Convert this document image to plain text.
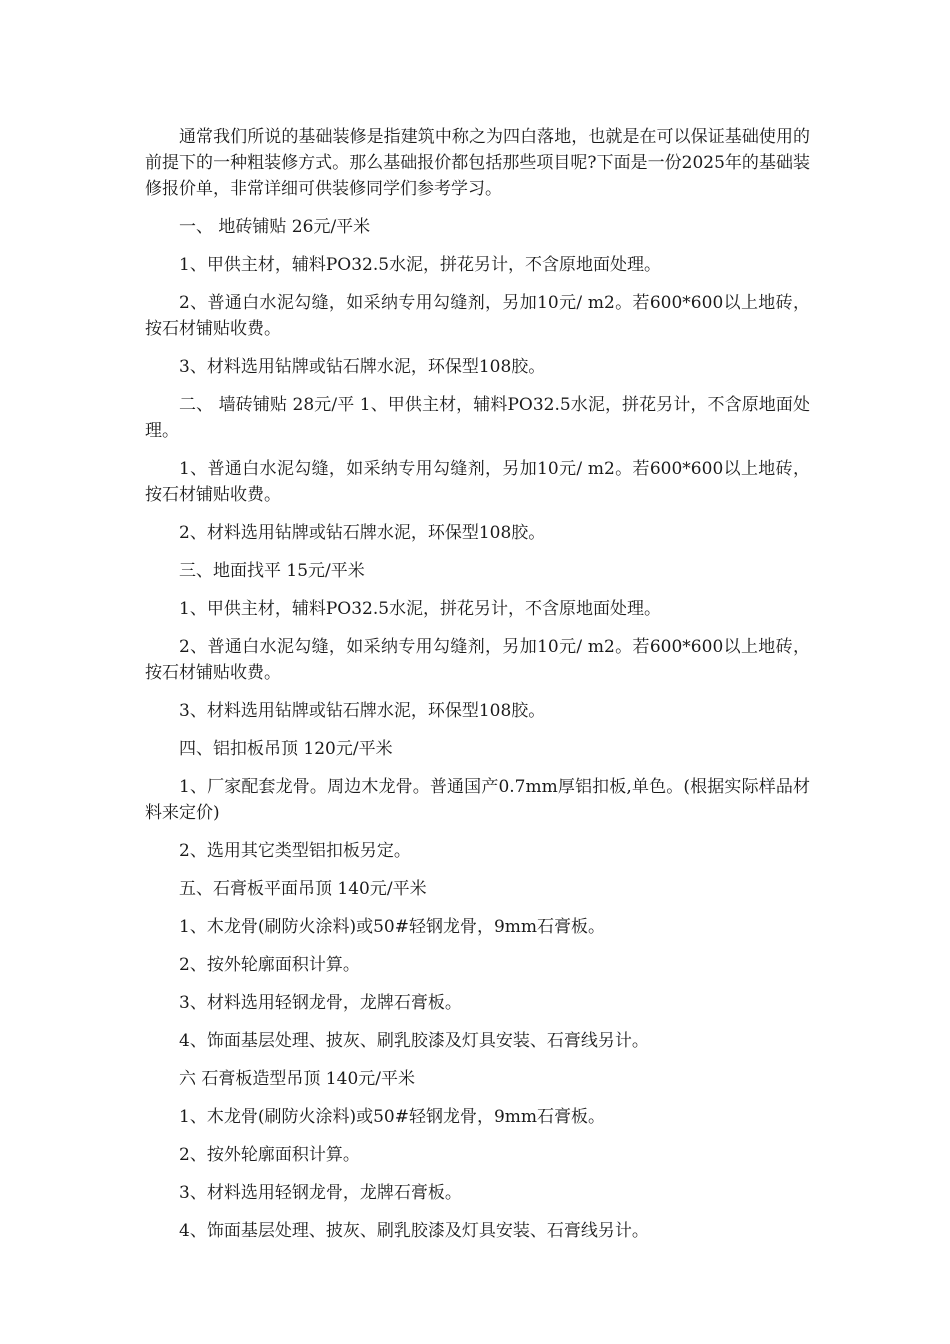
通常我们所说的基础装修是指建筑中称之为四白落地，也就是在可以保证基础使用的前提下的一种粗装修方式。那么基础报价都包括那些项目呢?下面是一份2025年的基础装修报价单，非常详细可供装修同学们参考学习。

一、 地砖铺贴 26元/平米

1、甲供主材，辅料PO32.5水泥，拼花另计，不含原地面处理。

2、普通白水泥勾缝，如采纳专用勾缝剂，另加10元/ m2。若600*600以上地砖，按石材铺贴收费。

3、材料选用钻牌或钻石牌水泥，环保型108胶。

二、 墙砖铺贴 28元/平 1、甲供主材，辅料PO32.5水泥，拼花另计，不含原地面处理。

1、普通白水泥勾缝，如采纳专用勾缝剂，另加10元/ m2。若600*600以上地砖，按石材铺贴收费。

2、材料选用钻牌或钻石牌水泥，环保型108胶。

三、地面找平 15元/平米

1、甲供主材，辅料PO32.5水泥，拼花另计，不含原地面处理。

2、普通白水泥勾缝，如采纳专用勾缝剂，另加10元/ m2。若600*600以上地砖，按石材铺贴收费。

3、材料选用钻牌或钻石牌水泥，环保型108胶。

四、铝扣板吊顶 120元/平米

1、厂家配套龙骨。周边木龙骨。普通国产0.7mm厚铝扣板,单色。(根据实际样品材料来定价)

2、选用其它类型铝扣板另定。

五、石膏板平面吊顶 140元/平米

1、木龙骨(刷防火涂料)或50#轻钢龙骨，9mm石膏板。

2、按外轮廓面积计算。

3、材料选用轻钢龙骨，龙牌石膏板。

4、饰面基层处理、披灰、刷乳胶漆及灯具安装、石膏线另计。

六 石膏板造型吊顶 140元/平米

1、木龙骨(刷防火涂料)或50#轻钢龙骨，9mm石膏板。

2、按外轮廓面积计算。

3、材料选用轻钢龙骨，龙牌石膏板。

4、饰面基层处理、披灰、刷乳胶漆及灯具安装、石膏线另计。
